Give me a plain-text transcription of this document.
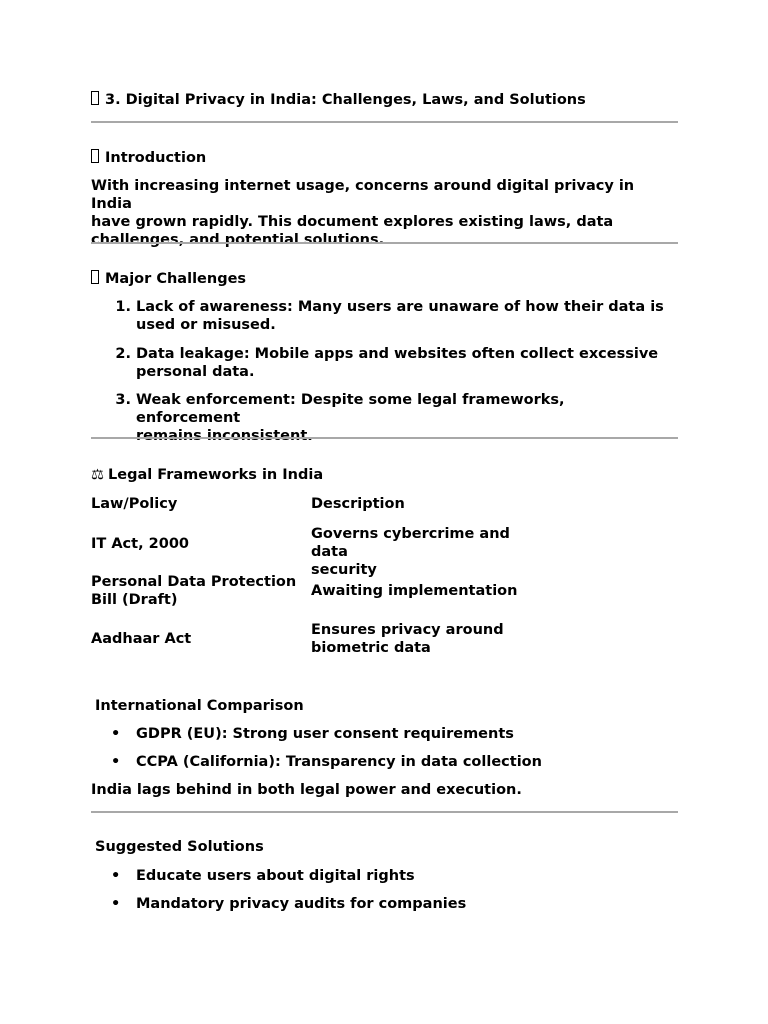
3. Digital Privacy in India: Challenges, Laws, and Solutions
Introduction
With increasing internet usage, concerns around digital privacy in India
have grown rapidly. This document explores existing laws, data
challenges, and potential solutions.
Major Challenges
1. Lack of awareness: Many users are unaware of how their data is
used or misused.
2. Data leakage: Mobile apps and websites often collect excessive
personal data.
3. Weak enforcement: Despite some legal frameworks, enforcement
remains inconsistent.
⚖ Legal Frameworks in India
Law/Policy	Description
IT Act, 2000
Governs cybercrime and data
security
Personal Data Protection
Bill (Draft)
Awaiting implementation
Aadhaar Act
Ensures privacy around
biometric data
International Comparison
• GDPR (EU): Strong user consent requirements
• CCPA (California): Transparency in data collection
India lags behind in both legal power and execution.
Suggested Solutions
• Educate users about digital rights
• Mandatory privacy audits for companies
